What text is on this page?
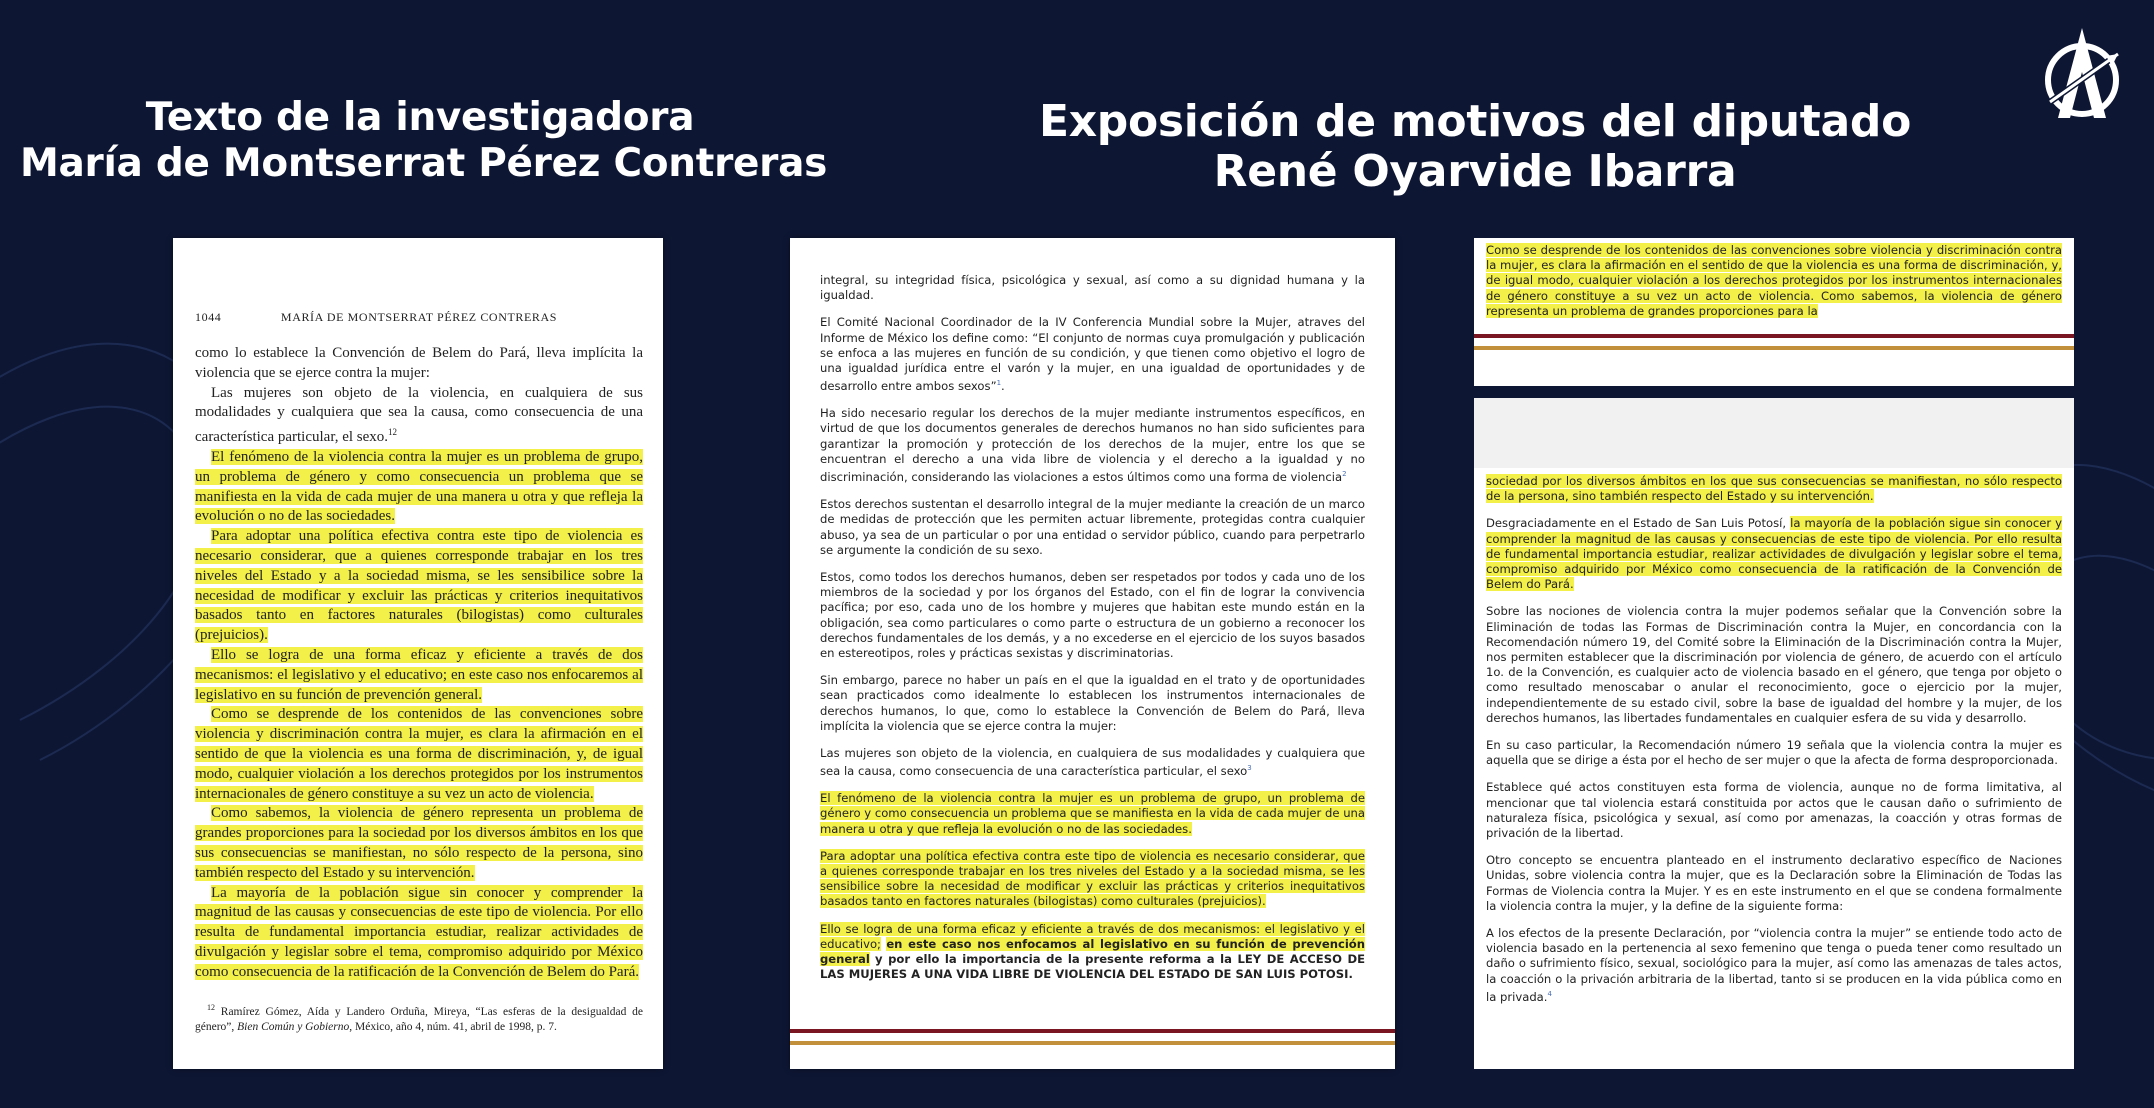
Texto de la investigadora
María de Montserrat Pérez Contreras
Exposición de motivos del diputado
René Oyarvide Ibarra
1044	MARÍA DE MONTSERRAT PÉREZ CONTRERAS

como lo establece la Convención de Belem do Pará, lleva implícita la violencia que se ejerce contra la mujer:

Las mujeres son objeto de la violencia, en cualquiera de sus modalidades y cualquiera que sea la causa, como consecuencia de una característica particular, el sexo.$^{12}$

El fenómeno de la violencia contra la mujer es un problema de grupo, un problema de género y como consecuencia un problema que se manifiesta en la vida de cada mujer de una manera u otra y que refleja la evolución o no de las sociedades.

Para adoptar una política efectiva contra este tipo de violencia es necesario considerar, que a quienes corresponde trabajar en los tres niveles del Estado y a la sociedad misma, se les sensibilice sobre la necesidad de modificar y excluir las prácticas y criterios inequitativos basados tanto en factores naturales (bilogistas) como culturales (prejuicios).

Ello se logra de una forma eficaz y eficiente a través de dos mecanismos: el legislativo y el educativo; en este caso nos enfocaremos al legislativo en su función de prevención general.

Como se desprende de los contenidos de las convenciones sobre violencia y discriminación contra la mujer, es clara la afirmación en el sentido de que la violencia es una forma de discriminación, y, de igual modo, cualquier violación a los derechos protegidos por los instrumentos internacionales de género constituye a su vez un acto de violencia.

Como sabemos, la violencia de género representa un problema de grandes proporciones para la sociedad por los diversos ámbitos en los que sus consecuencias se manifiestan, no sólo respecto de la persona, sino también respecto del Estado y su intervención.

La mayoría de la población sigue sin conocer y comprender la magnitud de las causas y consecuencias de este tipo de violencia. Por ello resulta de fundamental importancia estudiar, realizar actividades de divulgación y legislar sobre el tema, compromiso adquirido por México como consecuencia de la ratificación de la Convención de Belem do Pará.

$^{12}$ Ramírez Gómez, Aída y Landero Orduña, Mireya, “Las esferas de la desigualdad de género”, Bien Común y Gobierno, México, año 4, núm. 41, abril de 1998, p. 7.

integral, su integridad física, psicológica y sexual, así como a su dignidad humana y la igualdad.

El Comité Nacional Coordinador de la IV Conferencia Mundial sobre la Mujer, atraves del Informe de México los define como: “El conjunto de normas cuya promulgación y publicación se enfoca a las mujeres en función de su condición, y que tienen como objetivo el logro de una igualdad jurídica entre el varón y la mujer, en una igualdad de oportunidades y de desarrollo entre ambos sexos”$^1$.

Ha sido necesario regular los derechos de la mujer mediante instrumentos específicos, en virtud de que los documentos generales de derechos humanos no han sido suficientes para garantizar la promoción y protección de los derechos de la mujer, entre los que se encuentran el derecho a una vida libre de violencia y el derecho a la igualdad y no discriminación, considerando las violaciones a estos últimos como una forma de violencia$^2$

Estos derechos sustentan el desarrollo integral de la mujer mediante la creación de un marco de medidas de protección que les permiten actuar libremente, protegidas contra cualquier abuso, ya sea de un particular o por una entidad o servidor público, cuando para perpetrarlo se argumente la condición de su sexo.

Estos, como todos los derechos humanos, deben ser respetados por todos y cada uno de los miembros de la sociedad y por los órganos del Estado, con el fin de lograr la convivencia pacífica; por eso, cada uno de los hombre y mujeres que habitan este mundo están en la obligación, sea como particulares o como parte o estructura de un gobierno a reconocer los derechos fundamentales de los demás, y a no excederse en el ejercicio de los suyos basados en estereotipos, roles y prácticas sexistas y discriminatorias.

Sin embargo, parece no haber un país en el que la igualdad en el trato y de oportunidades sean practicados como idealmente lo establecen los instrumentos internacionales de derechos humanos, lo que, como lo establece la Convención de Belem do Pará, lleva implícita la violencia que se ejerce contra la mujer:

Las mujeres son objeto de la violencia, en cualquiera de sus modalidades y cualquiera que sea la causa, como consecuencia de una característica particular, el sexo$^3$

El fenómeno de la violencia contra la mujer es un problema de grupo, un problema de género y como consecuencia un problema que se manifiesta en la vida de cada mujer de una manera u otra y que refleja la evolución o no de las sociedades.

Para adoptar una política efectiva contra este tipo de violencia es necesario considerar, que a quienes corresponde trabajar en los tres niveles del Estado y a la sociedad misma, se les sensibilice sobre la necesidad de modificar y excluir las prácticas y criterios inequitativos basados tanto en factores naturales (bilogistas) como culturales (prejuicios).

Ello se logra de una forma eficaz y eficiente a través de dos mecanismos: el legislativo y el educativo; en este caso nos enfocamos al legislativo en su función de prevención general y por ello la importancia de la presente reforma a la LEY DE ACCESO DE LAS MUJERES A UNA VIDA LIBRE DE VIOLENCIA DEL ESTADO DE SAN LUIS POTOSI.

Como se desprende de los contenidos de las convenciones sobre violencia y discriminación contra la mujer, es clara la afirmación en el sentido de que la violencia es una forma de discriminación, y, de igual modo, cualquier violación a los derechos protegidos por los instrumentos internacionales de género constituye a su vez un acto de violencia. Como sabemos, la violencia de género representa un problema de grandes proporciones para la

sociedad por los diversos ámbitos en los que sus consecuencias se manifiestan, no sólo respecto de la persona, sino también respecto del Estado y su intervención.

Desgraciadamente en el Estado de San Luis Potosí, la mayoría de la población sigue sin conocer y comprender la magnitud de las causas y consecuencias de este tipo de violencia. Por ello resulta de fundamental importancia estudiar, realizar actividades de divulgación y legislar sobre el tema, compromiso adquirido por México como consecuencia de la ratificación de la Convención de Belem do Pará.

Sobre las nociones de violencia contra la mujer podemos señalar que la Convención sobre la Eliminación de todas las Formas de Discriminación contra la Mujer, en concordancia con la Recomendación número 19, del Comité sobre la Eliminación de la Discriminación contra la Mujer, nos permiten establecer que la discriminación por violencia de género, de acuerdo con el artículo 1o. de la Convención, es cualquier acto de violencia basado en el género, que tenga por objeto o como resultado menoscabar o anular el reconocimiento, goce o ejercicio por la mujer, independientemente de su estado civil, sobre la base de igualdad del hombre y la mujer, de los derechos humanos, las libertades fundamentales en cualquier esfera de su vida y desarrollo.

En su caso particular, la Recomendación número 19 señala que la violencia contra la mujer es aquella que se dirige a ésta por el hecho de ser mujer o que la afecta de forma desproporcionada.

Establece qué actos constituyen esta forma de violencia, aunque no de forma limitativa, al mencionar que tal violencia estará constituida por actos que le causan daño o sufrimiento de naturaleza física, psicológica y sexual, así como por amenazas, la coacción y otras formas de privación de la libertad.

Otro concepto se encuentra planteado en el instrumento declarativo específico de Naciones Unidas, sobre violencia contra la mujer, que es la Declaración sobre la Eliminación de Todas las Formas de Violencia contra la Mujer. Y es en este instrumento en el que se condena formalmente la violencia contra la mujer, y la define de la siguiente forma:

A los efectos de la presente Declaración, por “violencia contra la mujer” se entiende todo acto de violencia basado en la pertenencia al sexo femenino que tenga o pueda tener como resultado un daño o sufrimiento físico, sexual, sociológico para la mujer, así como las amenazas de tales actos, la coacción o la privación arbitraria de la libertad, tanto si se producen en la vida pública como en la privada.$^4$
